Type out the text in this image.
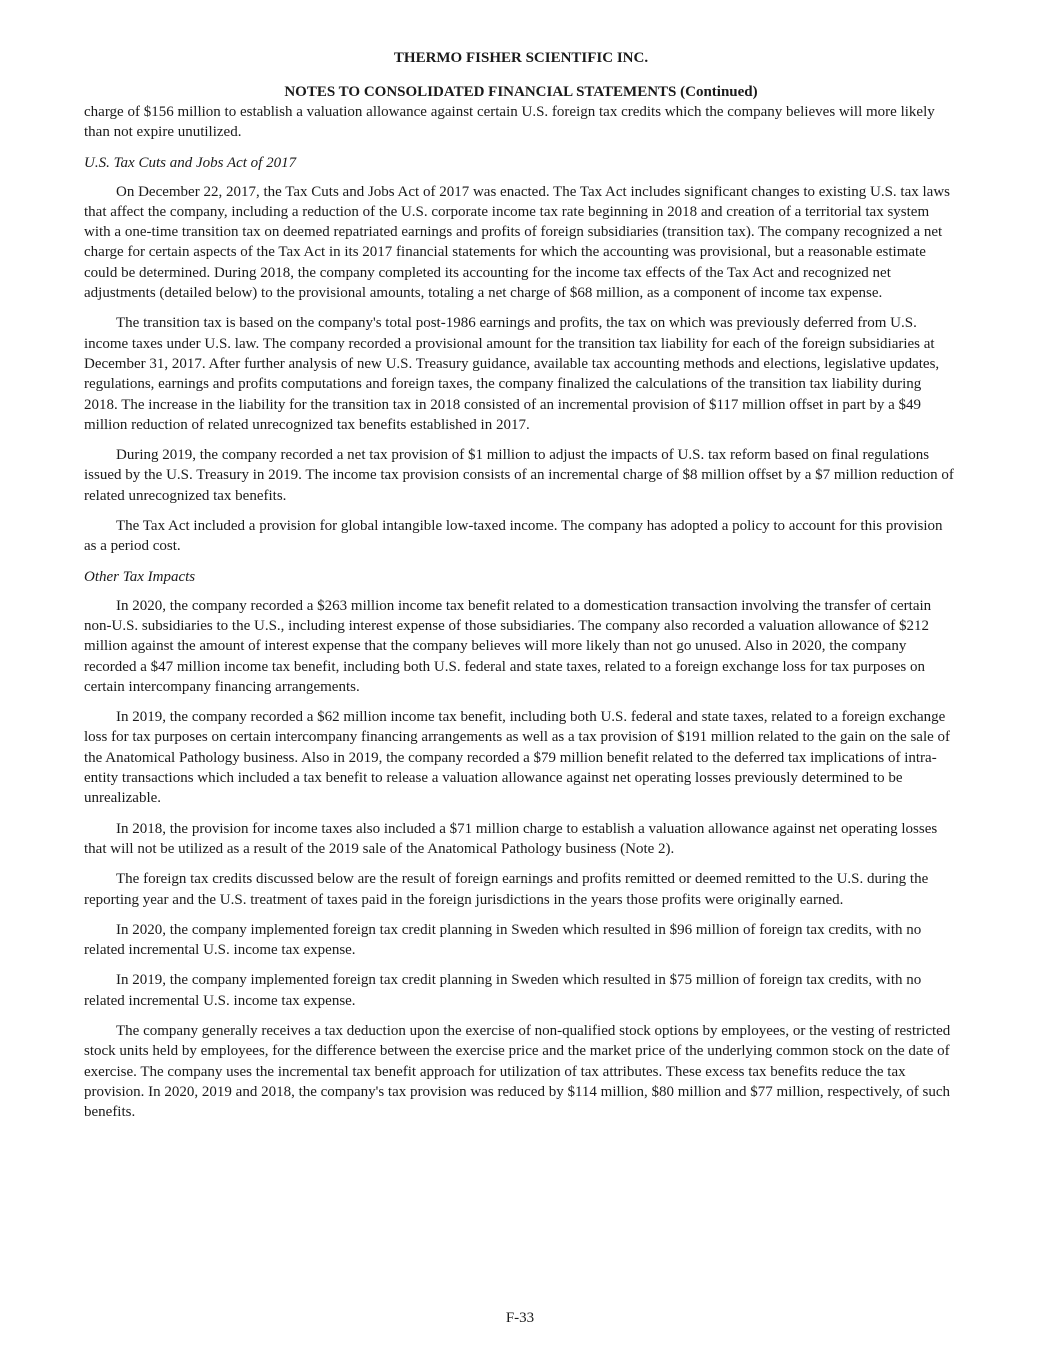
THERMO FISHER SCIENTIFIC INC.
NOTES TO CONSOLIDATED FINANCIAL STATEMENTS (Continued)

charge of $156 million to establish a valuation allowance against certain U.S. foreign tax credits which the company believes will more likely than not expire unutilized.

U.S. Tax Cuts and Jobs Act of 2017

On December 22, 2017, the Tax Cuts and Jobs Act of 2017 was enacted. The Tax Act includes significant changes to existing U.S. tax laws that affect the company, including a reduction of the U.S. corporate income tax rate beginning in 2018 and creation of a territorial tax system with a one-time transition tax on deemed repatriated earnings and profits of foreign subsidiaries (transition tax). The company recognized a net charge for certain aspects of the Tax Act in its 2017 financial statements for which the accounting was provisional, but a reasonable estimate could be determined. During 2018, the company completed its accounting for the income tax effects of the Tax Act and recognized net adjustments (detailed below) to the provisional amounts, totaling a net charge of $68 million, as a component of income tax expense.

The transition tax is based on the company's total post-1986 earnings and profits, the tax on which was previously deferred from U.S. income taxes under U.S. law. The company recorded a provisional amount for the transition tax liability for each of the foreign subsidiaries at December 31, 2017. After further analysis of new U.S. Treasury guidance, available tax accounting methods and elections, legislative updates, regulations, earnings and profits computations and foreign taxes, the company finalized the calculations of the transition tax liability during 2018. The increase in the liability for the transition tax in 2018 consisted of an incremental provision of $117 million offset in part by a $49 million reduction of related unrecognized tax benefits established in 2017.

During 2019, the company recorded a net tax provision of $1 million to adjust the impacts of U.S. tax reform based on final regulations issued by the U.S. Treasury in 2019. The income tax provision consists of an incremental charge of $8 million offset by a $7 million reduction of related unrecognized tax benefits.

The Tax Act included a provision for global intangible low-taxed income. The company has adopted a policy to account for this provision as a period cost.

Other Tax Impacts

In 2020, the company recorded a $263 million income tax benefit related to a domestication transaction involving the transfer of certain non-U.S. subsidiaries to the U.S., including interest expense of those subsidiaries. The company also recorded a valuation allowance of $212 million against the amount of interest expense that the company believes will more likely than not go unused. Also in 2020, the company recorded a $47 million income tax benefit, including both U.S. federal and state taxes, related to a foreign exchange loss for tax purposes on certain intercompany financing arrangements.

In 2019, the company recorded a $62 million income tax benefit, including both U.S. federal and state taxes, related to a foreign exchange loss for tax purposes on certain intercompany financing arrangements as well as a tax provision of $191 million related to the gain on the sale of the Anatomical Pathology business. Also in 2019, the company recorded a $79 million benefit related to the deferred tax implications of intra-entity transactions which included a tax benefit to release a valuation allowance against net operating losses previously determined to be unrealizable.

In 2018, the provision for income taxes also included a $71 million charge to establish a valuation allowance against net operating losses that will not be utilized as a result of the 2019 sale of the Anatomical Pathology business (Note 2).

The foreign tax credits discussed below are the result of foreign earnings and profits remitted or deemed remitted to the U.S. during the reporting year and the U.S. treatment of taxes paid in the foreign jurisdictions in the years those profits were originally earned.

In 2020, the company implemented foreign tax credit planning in Sweden which resulted in $96 million of foreign tax credits, with no related incremental U.S. income tax expense.

In 2019, the company implemented foreign tax credit planning in Sweden which resulted in $75 million of foreign tax credits, with no related incremental U.S. income tax expense.

The company generally receives a tax deduction upon the exercise of non-qualified stock options by employees, or the vesting of restricted stock units held by employees, for the difference between the exercise price and the market price of the underlying common stock on the date of exercise. The company uses the incremental tax benefit approach for utilization of tax attributes. These excess tax benefits reduce the tax provision. In 2020, 2019 and 2018, the company's tax provision was reduced by $114 million, $80 million and $77 million, respectively, of such benefits.

F-33
